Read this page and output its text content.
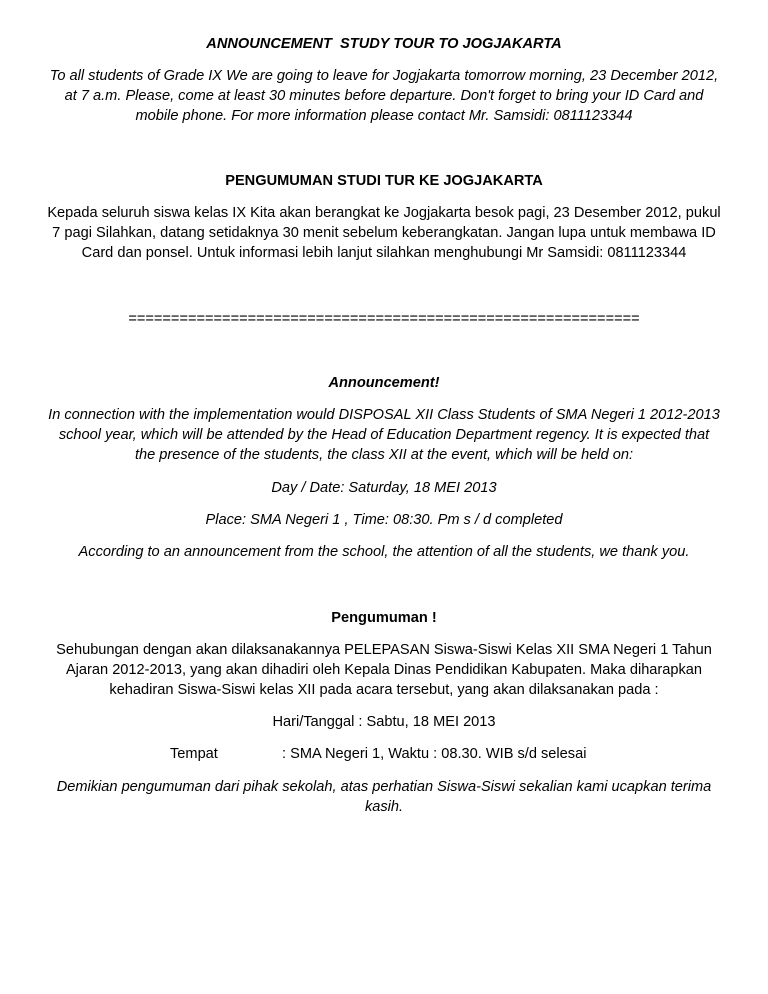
ANNOUNCEMENT  STUDY TOUR TO JOGJAKARTA
To all students of Grade IX We are going to leave for Jogjakarta tomorrow morning, 23 December 2012,
at 7 a.m. Please, come at least 30 minutes before departure. Don't forget to bring your ID Card and
mobile phone. For more information please contact Mr. Samsidi: 0811123344
PENGUMUMAN STUDI TUR KE JOGJAKARTA
Kepada seluruh siswa kelas IX Kita akan berangkat ke Jogjakarta besok pagi, 23 Desember 2012, pukul
7 pagi Silahkan, datang setidaknya 30 menit sebelum keberangkatan. Jangan lupa untuk membawa ID
Card dan ponsel. Untuk informasi lebih lanjut silahkan menghubungi Mr Samsidi: 0811123344
============================================================
Announcement!
In connection with the implementation would DISPOSAL XII Class Students of SMA Negeri 1 2012-2013
school year, which will be attended by the Head of Education Department regency. It is expected that
the presence of the students, the class XII at the event, which will be held on:
Day / Date: Saturday, 18 MEI 2013
Place: SMA Negeri 1 , Time: 08:30. Pm s / d completed
According to an announcement from the school, the attention of all the students, we thank you.
Pengumuman !
Sehubungan dengan akan dilaksanakannya PELEPASAN Siswa-Siswi Kelas XII SMA Negeri 1 Tahun
Ajaran 2012-2013, yang akan dihadiri oleh Kepala Dinas Pendidikan Kabupaten. Maka diharapkan
kehadiran Siswa-Siswi kelas XII pada acara tersebut, yang akan dilaksanakan pada :
Hari/Tanggal : Sabtu, 18 MEI 2013
Tempat	: SMA Negeri 1, Waktu : 08.30. WIB s/d selesai
Demikian pengumuman dari pihak sekolah, atas perhatian Siswa-Siswi sekalian kami ucapkan terima
kasih.
